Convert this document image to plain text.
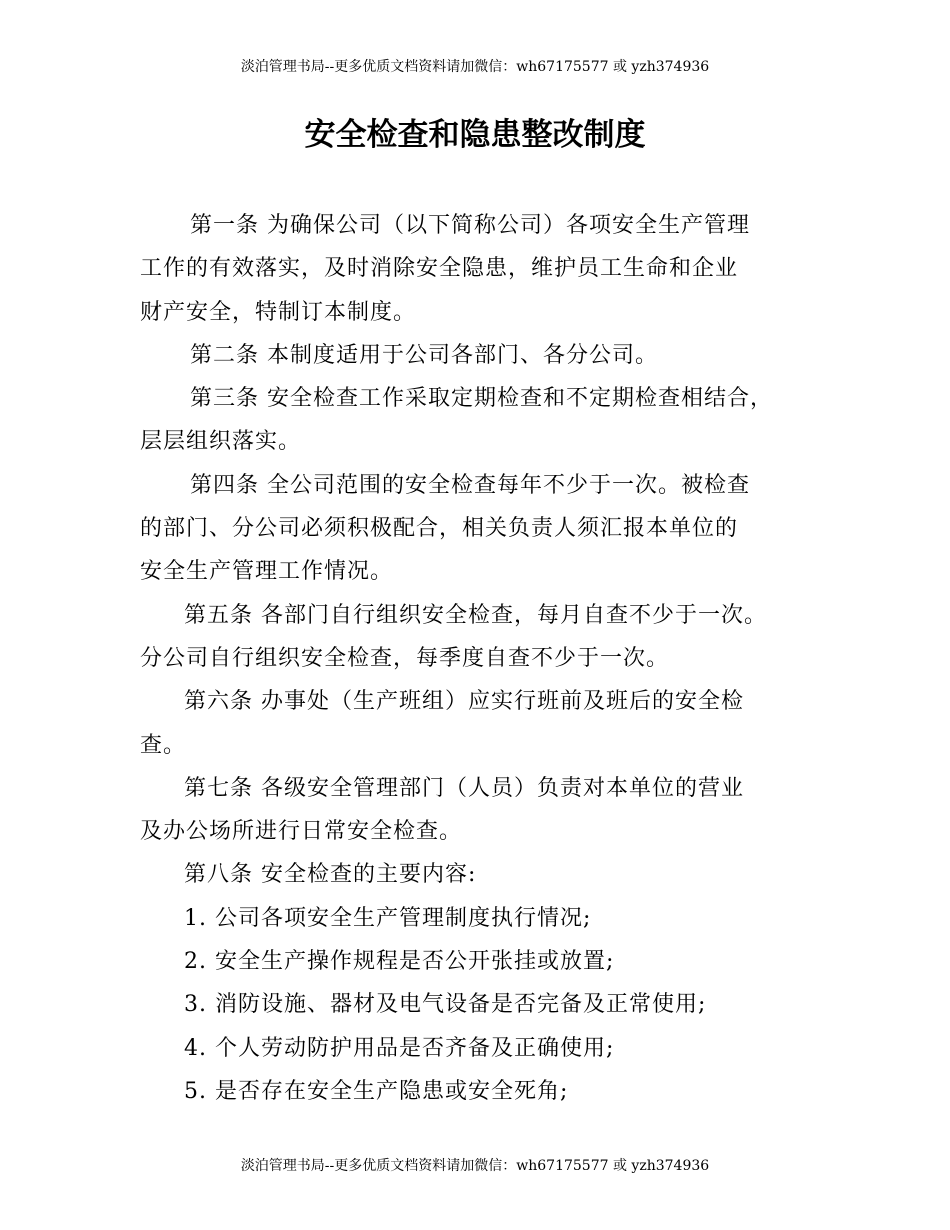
淡泊管理书局--更多优质文档资料请加微信：wh67175577 或 yzh374936
安全检查和隐患整改制度
第一条 为确保公司（以下简称公司）各项安全生产管理
工作的有效落实，及时消除安全隐患，维护员工生命和企业
财产安全，特制订本制度。
第二条 本制度适用于公司各部门、各分公司。
第三条 安全检查工作采取定期检查和不定期检查相结合，
层层组织落实。
第四条 全公司范围的安全检查每年不少于一次。被检查
的部门、分公司必须积极配合，相关负责人须汇报本单位的
安全生产管理工作情况。
第五条 各部门自行组织安全检查，每月自查不少于一次。
分公司自行组织安全检查，每季度自查不少于一次。
第六条 办事处（生产班组）应实行班前及班后的安全检
查。
第七条 各级安全管理部门（人员）负责对本单位的营业
及办公场所进行日常安全检查。
第八条 安全检查的主要内容:
1. 公司各项安全生产管理制度执行情况;
2. 安全生产操作规程是否公开张挂或放置;
3. 消防设施、器材及电气设备是否完备及正常使用;
4. 个人劳动防护用品是否齐备及正确使用;
5. 是否存在安全生产隐患或安全死角;
淡泊管理书局--更多优质文档资料请加微信：wh67175577 或 yzh374936
